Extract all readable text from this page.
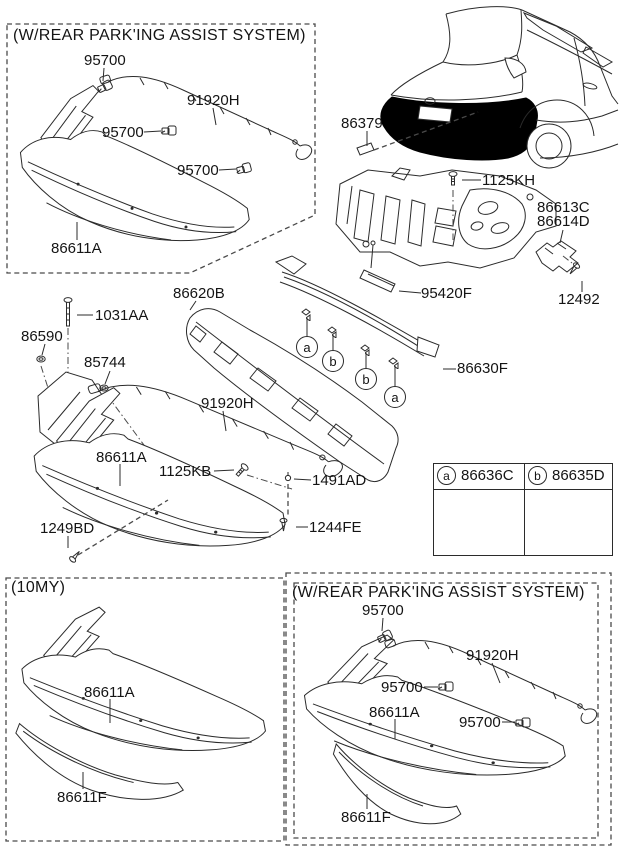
(W/REAR PARK'ING ASSIST SYSTEM)
(10MY)	(W/REAR PARK'ING ASSIST SYSTEM)
86379
1125KH
86613C
86614D
12492
95420F
86630F
86620B
1031AA
86590
85744
91920H
86611A
1125KB
1491AD
1249BD	1244FE
95700
91920H
95700
95700
86611A
86611A
86611F
95700
91920H
95700
86611A
95700
86611F
a
b
b
a
a 86636C b 86635D
